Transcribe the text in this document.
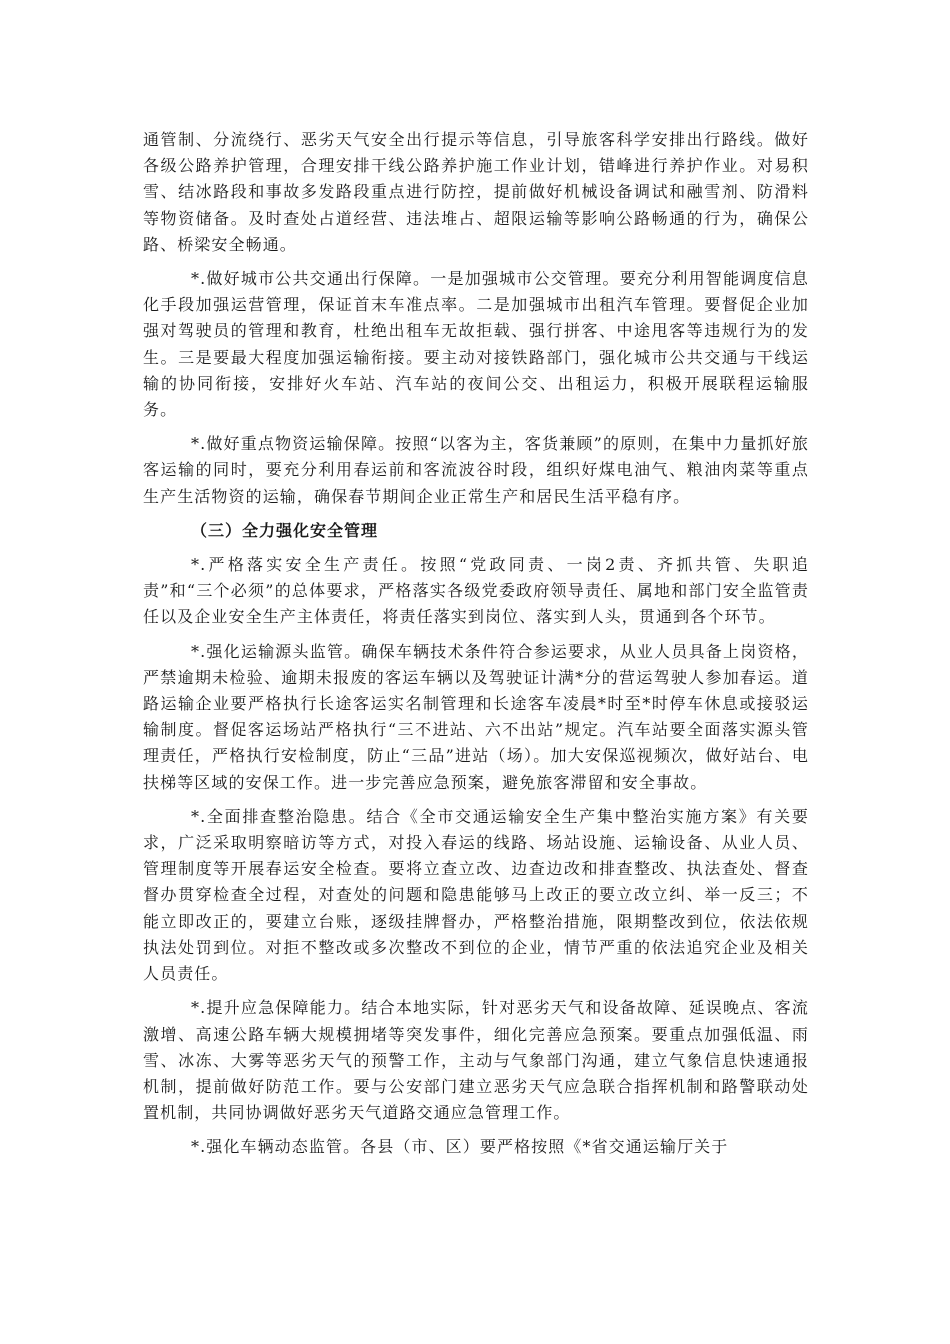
通管制、分流绕行、恶劣天气安全出行提示等信息，引导旅客科学安排出行路线。做好各级公路养护管理，合理安排干线公路养护施工作业计划，错峰进行养护作业。对易积雪、结冰路段和事故多发路段重点进行防控，提前做好机械设备调试和融雪剂、防滑料等物资储备。及时查处占道经营、违法堆占、超限运输等影响公路畅通的行为，确保公路、桥梁安全畅通。

*.做好城市公共交通出行保障。一是加强城市公交管理。要充分利用智能调度信息化手段加强运营管理，保证首末车准点率。二是加强城市出租汽车管理。要督促企业加强对驾驶员的管理和教育，杜绝出租车无故拒载、强行拼客、中途甩客等违规行为的发生。三是要最大程度加强运输衔接。要主动对接铁路部门，强化城市公共交通与干线运输的协同衔接，安排好火车站、汽车站的夜间公交、出租运力，积极开展联程运输服务。

*.做好重点物资运输保障。按照“以客为主，客货兼顾”的原则，在集中力量抓好旅客运输的同时，要充分利用春运前和客流波谷时段，组织好煤电油气、粮油肉菜等重点生产生活物资的运输，确保春节期间企业正常生产和居民生活平稳有序。

（三）全力强化安全管理

*.严格落实安全生产责任。按照“党政同责、一岗2责、齐抓共管、失职追责”和“三个必须”的总体要求，严格落实各级党委政府领导责任、属地和部门安全监管责任以及企业安全生产主体责任，将责任落实到岗位、落实到人头，贯通到各个环节。

*.强化运输源头监管。确保车辆技术条件符合参运要求，从业人员具备上岗资格，严禁逾期未检验、逾期未报废的客运车辆以及驾驶证计满*分的营运驾驶人参加春运。道路运输企业要严格执行长途客运实名制管理和长途客车凌晨*时至*时停车休息或接驳运输制度。督促客运场站严格执行“三不进站、六不出站”规定。汽车站要全面落实源头管理责任，严格执行安检制度，防止“三品”进站（场）。加大安保巡视频次，做好站台、电扶梯等区域的安保工作。进一步完善应急预案，避免旅客滞留和安全事故。

*.全面排查整治隐患。结合《全市交通运输安全生产集中整治实施方案》有关要求，广泛采取明察暗访等方式，对投入春运的线路、场站设施、运输设备、从业人员、管理制度等开展春运安全检查。要将立查立改、边查边改和排查整改、执法查处、督查督办贯穿检查全过程，对查处的问题和隐患能够马上改正的要立改立纠、举一反三；不能立即改正的，要建立台账，逐级挂牌督办，严格整治措施，限期整改到位，依法依规执法处罚到位。对拒不整改或多次整改不到位的企业，情节严重的依法追究企业及相关人员责任。

*.提升应急保障能力。结合本地实际，针对恶劣天气和设备故障、延误晚点、客流激增、高速公路车辆大规模拥堵等突发事件，细化完善应急预案。要重点加强低温、雨雪、冰冻、大雾等恶劣天气的预警工作，主动与气象部门沟通，建立气象信息快速通报机制，提前做好防范工作。要与公安部门建立恶劣天气应急联合指挥机制和路警联动处置机制，共同协调做好恶劣天气道路交通应急管理工作。

*.强化车辆动态监管。各县（市、区）要严格按照《*省交通运输厅关于
